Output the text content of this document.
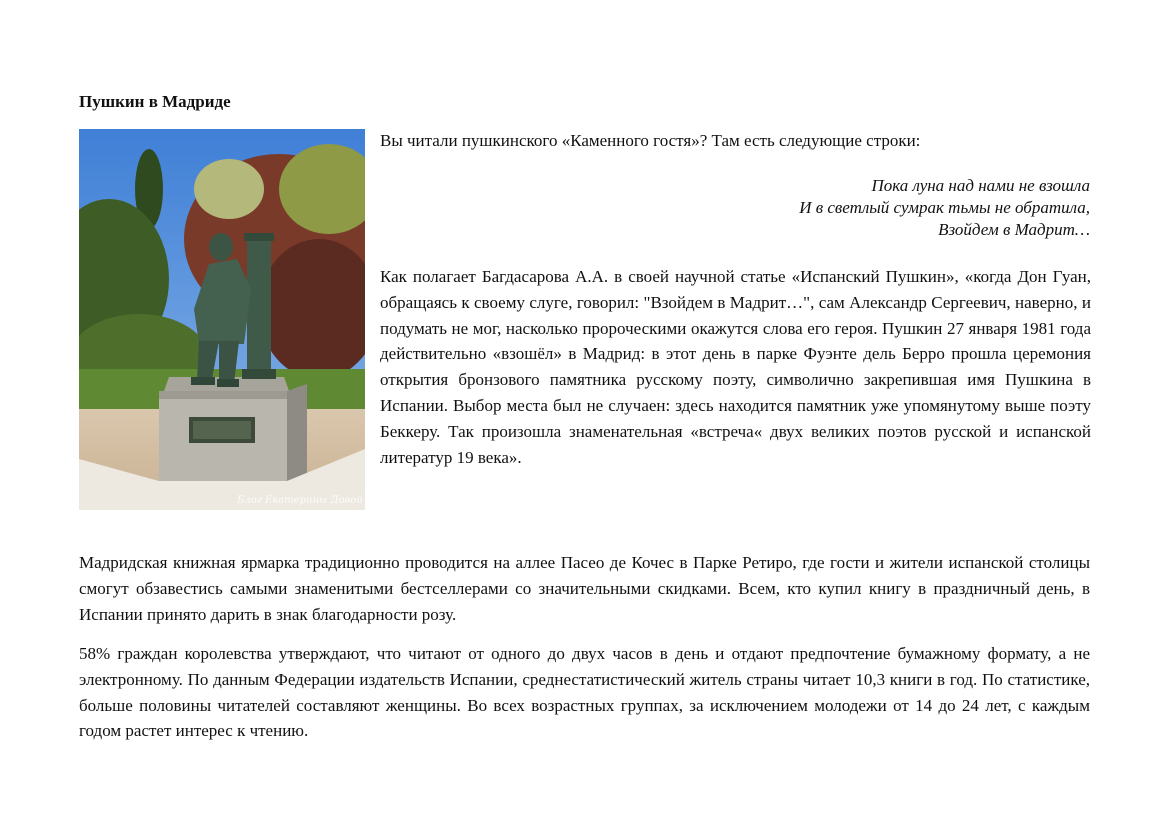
Пушкин в Мадриде
Блог Екатерины Довой

Вы читали пушкинского «Каменного гостя»? Там есть следующие строки:

Пока луна над нами не взошла
И в светлый сумрак тьмы не обратила,
Взойдем в Мадрит…

Как полагает Багдасарова А.А. в своей научной статье «Испанский Пушкин», «когда Дон Гуан, обращаясь к своему слуге, говорил: "Взойдем в Мадрит…", сам Александр Сергеевич, наверно, и подумать не мог, насколько пророческими окажутся слова его героя. Пушкин 27 января 1981 года действительно «взошёл» в Мадрид: в этот день в парке Фуэнте дель Берро прошла церемония открытия бронзового памятника русскому поэту, символично закрепившая имя Пушкина в Испании. Выбор места был не случаен: здесь находится памятник уже упомянутому выше поэту Беккеру. Так произошла знаменательная «встреча« двух великих поэтов русской и испанской литератур 19 века».

Мадридская книжная ярмарка традиционно проводится на аллее Пасео де Кочес в Парке Ретиро, где гости и жители испанской столицы смогут обзавестись самыми знаменитыми бестселлерами со значительными скидками. Всем, кто купил книгу в праздничный день, в Испании принято дарить в знак благодарности розу.

58% граждан королевства утверждают, что читают от одного до двух часов в день и отдают предпочтение бумажному формату, а не электронному. По данным Федерации издательств Испании, среднестатистический житель страны читает 10,3 книги в год. По статистике, больше половины читателей составляют женщины. Во всех возрастных группах, за исключением молодежи от 14 до 24 лет, с каждым годом растет интерес к чтению.
